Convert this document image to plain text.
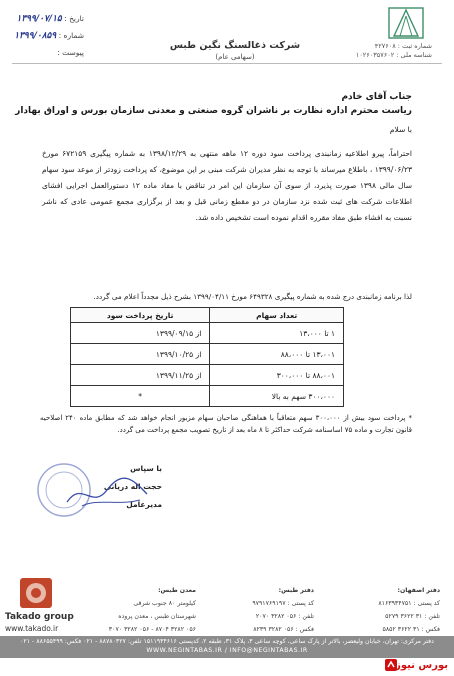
شماره ثبت : ۴۲۷۶۰۸
شناسه ملی : ۱۰۲۶۰۳۵۷۶۰۲
شرکت ذغالسنگ نگین طبس
(سهامی عام)
تاریخ : ۱۳۹۹/۰۷/۱۵
شماره : ۱۳۹۹/۰۸۵۹
پیوست :
جناب آقای خادم
ریاست محترم اداره نظارت بر ناشران گروه صنعتی و معدنی سازمان بورس و اوراق بهادار
با سلام
احتراماً، پیرو اطلاعیه زمانبندی پرداخت سود دوره ۱۲ ماهه منتهی به ۱۳۹۸/۱۲/۲۹ به شماره پیگیری ۶۷۲۱۵۹ مورخ ۱۳۹۹/۰۶/۲۳ ، باطلاع میرساند با توجه به نظر مدیران شرکت مبنی بر این موضوع، که پرداخت زودتر از موعد سود سهام سال مالی ۱۳۹۸ صورت پذیرد، از سوی آن سازمان این امر در تناقض با مفاد ماده ۱۲ دستورالعمل اجرایی افشای اطلاعات شرکت های ثبت شده نزد سازمان در دو مقطع زمانی قبل و بعد از برگزاری مجمع عمومی عادی که ناشر نسبت به افشاء طبق مفاد مقرره اقدام نموده است تشخیص داده شد.
لذا برنامه زمانبندی درج شده به شماره پیگیری ۶۴۹۳۲۸ مورخ ۱۳۹۹/۰۴/۱۱ بشرح ذیل مجدداً اعلام می گردد.
تعداد سهام	تاریخ پرداخت سود
۱ تا ۱۳،۰۰۰	از ۱۳۹۹/۰۹/۱۵
۱۳،۰۰۱ تا ۸۸،۰۰۰	از ۱۳۹۹/۱۰/۲۵
۸۸،۰۰۱ تا ۳۰۰،۰۰۰	از ۱۳۹۹/۱۱/۲۵
۳۰۰،۰۰۰ سهم به بالا	*
* پرداخت سود بیش از ۳۰۰،۰۰۰ سهم متعاقباً با هماهنگی صاحبان سهام مزبور انجام خواهد شد که مطابق ماده ۲۴۰ اصلاحیه قانون تجارت و ماده ۷۵ اساسنامه شرکت حداکثر تا ۸ ماه بعد از تاریخ تصویب مجمع پرداخت می گردد.
با سپاس
حجت اله دریانی
مدیرعامل
Takado group
www.takado.ir
دفتر اصفهان:
کد پستی : ۸۱۶۳۹۳۴۷۵۱
تلفن : ۳۱ ۳۶۲۲ ۵۲۷۹
فکس : ۳۱ ۳۶۲۲ ۵۸۵۲
دفتر طبس:
کد پستی : ۹۷۹۱۷۶۹۱۹۷
تلفن : ۰۵۶ ۳۲۸۲ ۲۰۷۰
فکس : ۰۵۶ ۳۲۸۲ ۸۲۳۹
معدن طبس:
کیلومتر ۸۰ جنوب شرقی
شهرستان طبس ، معدن پروده
۰۵۶ ۳۲۸۲ ۸۷۰۴ - ۰۵۶ ۳۲۸۲ ۳۰۷۰
دفتر مرکزی: تهران، خیابان ولیعصر، بالاتر از پارک ساعی، کوچه ساعی ۳، پلاک ۳۱، طبقه ۲، کدپستی ۱۵۱۱۹۳۴۶۱۶ تلفن: ۸۸۷۸۰۳۲۷ - ۰۲۱ فکس: ۸۸۶۵۵۴۹۹ - ۰۲۱
WWW.NEGINTABAS.IR / INFO@NEGINTABAS.IR
بورس نیوز
